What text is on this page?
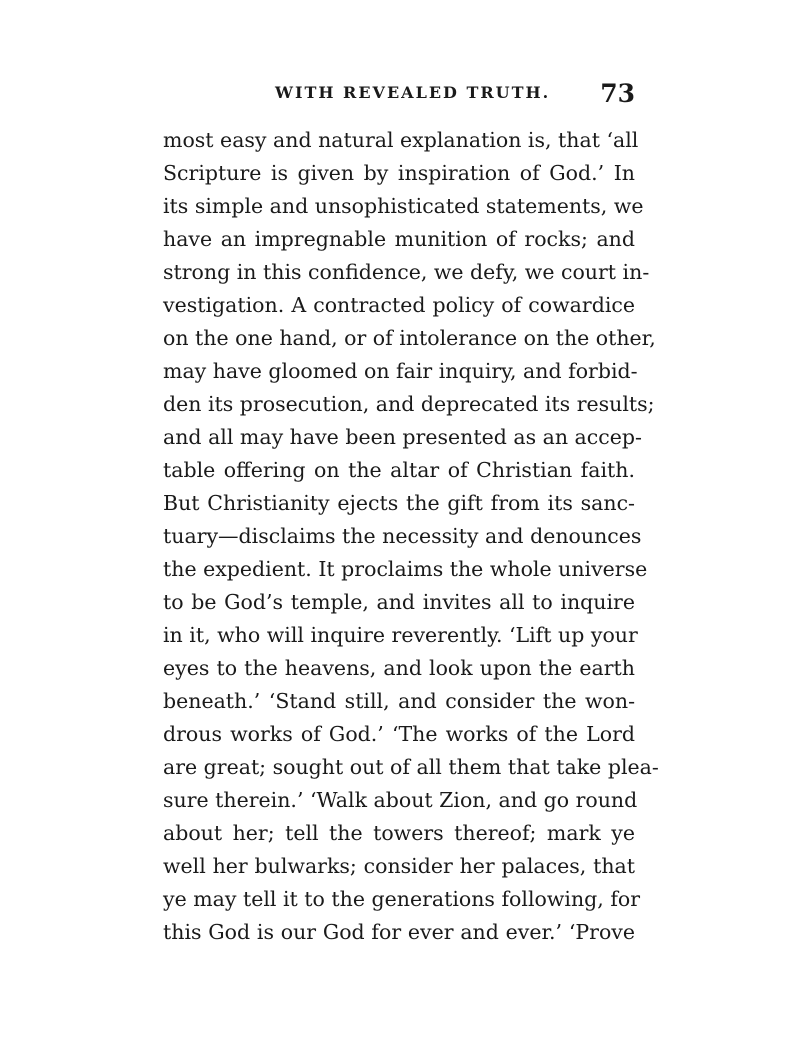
WITH REVEALED TRUTH. 73
most easy and natural explanation is, that ‘all
Scripture is given by inspiration of God.’ In
its simple and unsophisticated statements, we
have an impregnable munition of rocks; and
strong in this confidence, we defy, we court in-
vestigation. A contracted policy of cowardice
on the one hand, or of intolerance on the other,
may have gloomed on fair inquiry, and forbid-
den its prosecution, and deprecated its results;
and all may have been presented as an accep-
table offering on the altar of Christian faith.
But Christianity ejects the gift from its sanc-
tuary—disclaims the necessity and denounces
the expedient. It proclaims the whole universe
to be God’s temple, and invites all to inquire
in it, who will inquire reverently. ‘Lift up your
eyes to the heavens, and look upon the earth
beneath.’ ‘Stand still, and consider the won-
drous works of God.’ ‘The works of the Lord
are great; sought out of all them that take plea-
sure therein.’ ‘Walk about Zion, and go round
about her; tell the towers thereof; mark ye
well her bulwarks; consider her palaces, that
ye may tell it to the generations following, for
this God is our God for ever and ever.’ ‘Prove
